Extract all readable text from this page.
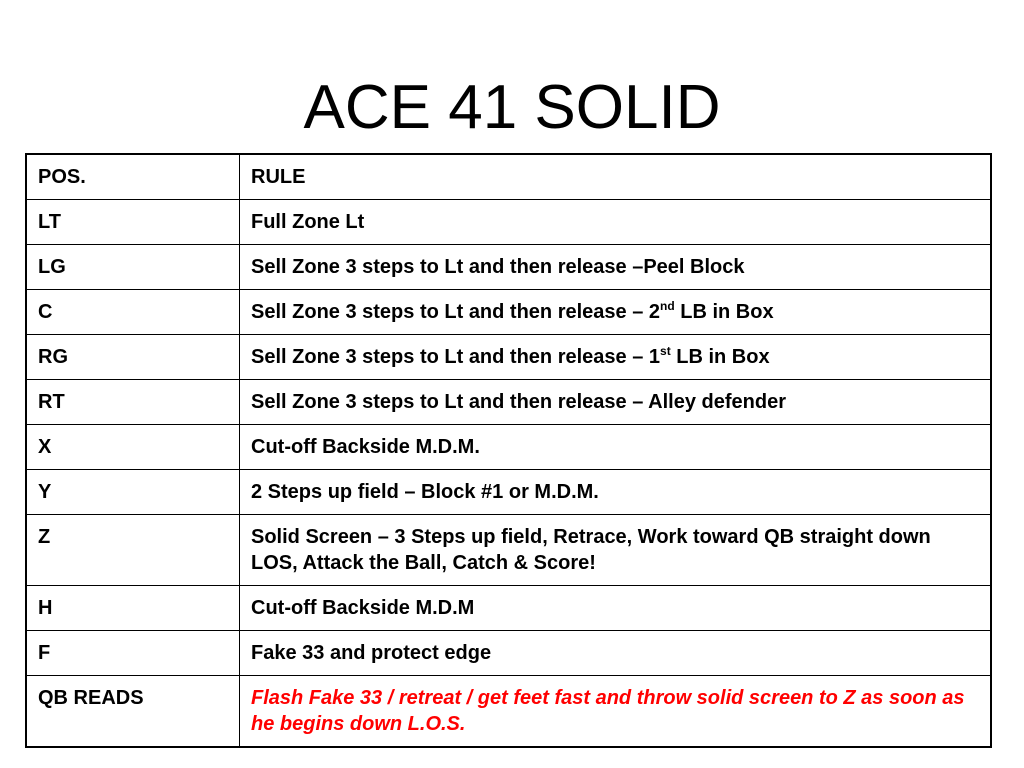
ACE 41 SOLID
POS.	RULE
LT	Full Zone Lt
LG	Sell Zone 3 steps to Lt and then release –Peel Block
C	Sell Zone 3 steps to Lt and then release – 2nd LB in Box
RG	Sell Zone 3 steps to Lt and then release – 1st LB in Box
RT	Sell Zone 3 steps to Lt and then release – Alley defender
X	Cut-off Backside M.D.M.
Y	2 Steps up field – Block #1 or M.D.M.
Z	Solid Screen – 3 Steps up field, Retrace, Work toward QB straight down LOS, Attack the Ball, Catch & Score!
H	Cut-off Backside M.D.M
F	Fake 33 and protect edge
QB READS	Flash Fake 33 / retreat / get feet fast and throw solid screen to Z as soon as he begins down L.O.S.
